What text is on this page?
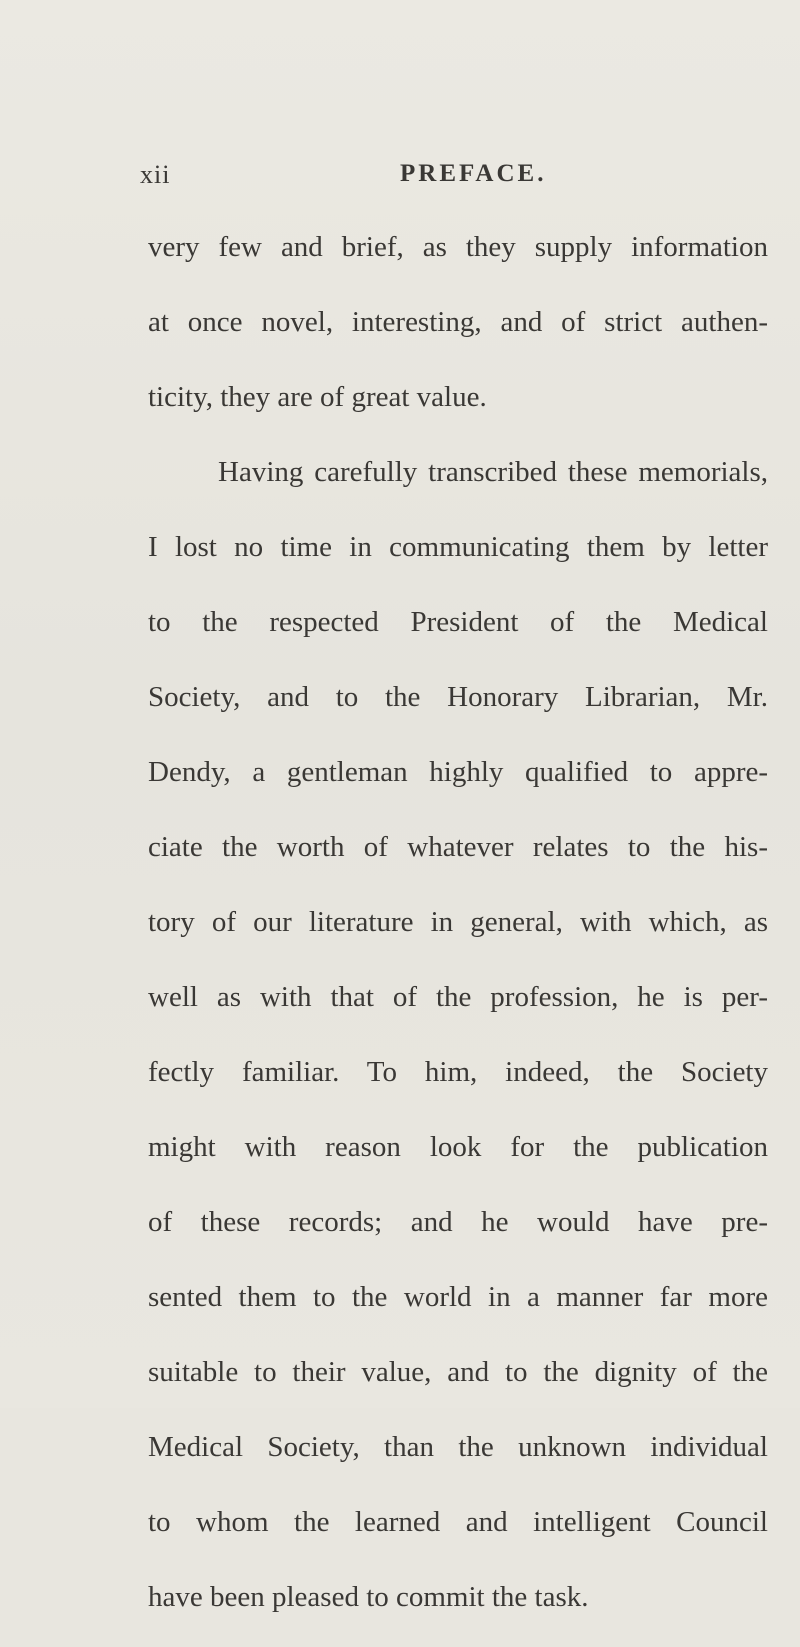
xii	PREFACE.
very few and brief, as they supply information
at once novel, interesting, and of strict authen-
ticity, they are of great value.
Having carefully transcribed these memorials,
I lost no time in communicating them by letter
to the respected President of the Medical
Society, and to the Honorary Librarian, Mr.
Dendy, a gentleman highly qualified to appre-
ciate the worth of whatever relates to the his-
tory of our literature in general, with which, as
well as with that of the profession, he is per-
fectly familiar. To him, indeed, the Society
might with reason look for the publication
of these records; and he would have pre-
sented them to the world in a manner far more
suitable to their value, and to the dignity of the
Medical Society, than the unknown individual
to whom the learned and intelligent Council
have been pleased to commit the task.
